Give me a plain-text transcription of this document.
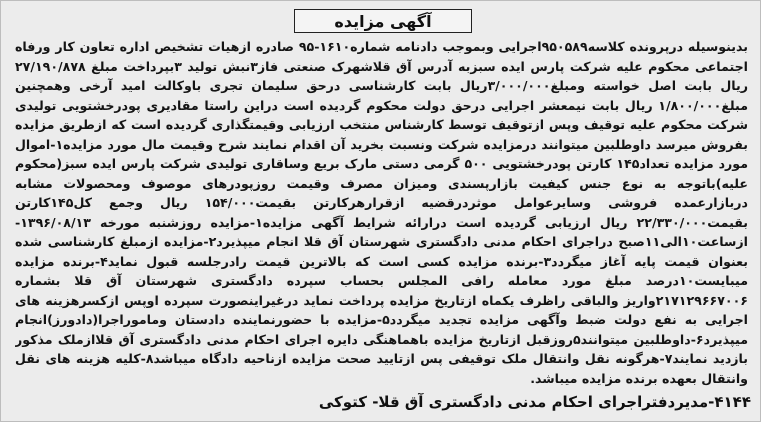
آگهی مزایده
بدینوسیله درپرونده کلاسه۹۵۰۵۸۹اجرایی وبموجب دادنامه شماره۱۶۱۰-۹۵ صادره ازهیات تشخیص اداره تعاون کار ورفاه اجتماعی محکوم علیه شرکت پارس ایده سبزبه آدرس آق قلاشهرک صنعتی فاز۳نبش تولید ۳بپرداخت مبلغ ۲۷/۱۹۰/۸۷۸ ریال بابت اصل خواسته ومبلغ۳/۰۰۰/۰۰۰ریال بابت کارشناسی درحق سلیمان تجری باوکالت امید آرخی وهمچنین مبلغ۱/۸۰۰/۰۰۰ ریال بابت نیمعشر اجرایی درحق دولت محکوم گردیده است دراین راستا مقادیری پودرخشتویی تولیدی شرکت محکوم علیه توقیف وپس ازتوقیف توسط کارشناس منتخب ارزیابی وقیمتگذاری گردیده است که ازطریق مزایده بفروش میرسد داوطلبین میتوانند درمزایده شرکت ونسبت بخرید آن اقدام نمایند شرح وقیمت مال مورد مزایده۱-اموال مورد مزایده تعداد۱۴۵ کارتن پودرخشتویی ۵۰۰ گرمی دستی مارک بریع وساقاری تولیدی شرکت پارس ایده سبز(محکوم علیه)باتوجه به نوع جنس کیفیت بازارپسندی ومیزان مصرف وقیمت روزپودرهای موصوف ومحصولات مشابه دربازارعمده فروشی وسایرعوامل موثردرقضیه ازقرارهرکارتن بقیمت۱۵۴/۰۰۰ ریال وجمع کل۱۴۵کارتن بقیمت۲۲/۳۳۰/۰۰۰ ریال ارزیابی گردیده است درارائه شرایط آگهی مزایده۱-مزایده روزشنبه مورخه ۱۳۹۶/۰۸/۱۳-ازساعت۱۰الی۱۱صبح دراجرای احکام مدنی دادگستری شهرستان آق قلا انجام میپذیرد۲-مزایده ازمبلغ کارشناسی شده بعنوان قیمت پایه آغاز میگردد۳-برنده مزایده کسی است که بالاترین قیمت رادرجلسه قبول نماید۴-برنده مزایده میبایست۱۰درصد مبلغ مورد معامله رافی المجلس بحساب سپرده دادگستری شهرستان آق قلا بشماره ۲۱۷۱۲۹۶۶۷۰۰۶واریز والباقی راظرف یکماه ازتاریخ مزایده پرداخت نماید درغیراینصورت سپرده اوپس ازکسرهزینه های اجرایی به نفع دولت ضبط وآگهی مزایده تجدید میگردد۵-مزایده با حضورنماینده دادستان وماموراجرا(دادورز)انجام میپذیرد۶-داوطلبین میتوانند۵روزقبل ازتاریخ مزایده باهماهنگی دایره اجرای احکام مدنی دادگستری آق قلاازملک مذکور بازدید نمایند۷-هرگونه نقل وانتقال ملک توقیفی پس ازتایید صحت مزایده ازناحیه دادگاه میباشد۸-کلیه هزینه های نقل وانتقال بعهده برنده مزایده میباشد.
۴۱۴۴-مدیردفتراجرای احکام مدنی دادگستری آق قلا- کتوکی
